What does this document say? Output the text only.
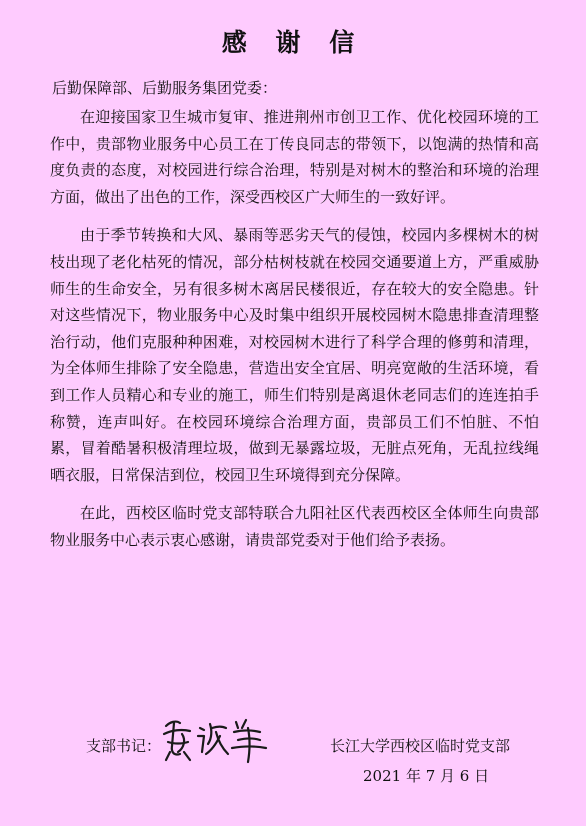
感 谢 信
后勤保障部、后勤服务集团党委：

在迎接国家卫生城市复审、推进荆州市创卫工作、优化校园环境的工作中，贵部物业服务中心员工在丁传良同志的带领下，以饱满的热情和高度负责的态度，对校园进行综合治理，特别是对树木的整治和环境的治理方面，做出了出色的工作，深受西校区广大师生的一致好评。

由于季节转换和大风、暴雨等恶劣天气的侵蚀，校园内多棵树木的树枝出现了老化枯死的情况，部分枯树枝就在校园交通要道上方，严重威胁师生的生命安全，另有很多树木离居民楼很近，存在较大的安全隐患。针对这些情况下，物业服务中心及时集中组织开展校园树木隐患排查清理整治行动，他们克服种种困难，对校园树木进行了科学合理的修剪和清理，为全体师生排除了安全隐患，营造出安全宜居、明亮宽敞的生活环境，看到工作人员精心和专业的施工，师生们特别是离退休老同志们的连连拍手称赞，连声叫好。在校园环境综合治理方面，贵部员工们不怕脏、不怕累，冒着酷暑积极清理垃圾，做到无暴露垃圾，无脏点死角，无乱拉线绳晒衣服，日常保洁到位，校园卫生环境得到充分保障。

在此，西校区临时党支部特联合九阳社区代表西校区全体师生向贵部物业服务中心表示衷心感谢，请贵部党委对于他们给予表扬。

支部书记：	长江大学西校区临时党支部
2021 年 7 月 6 日
